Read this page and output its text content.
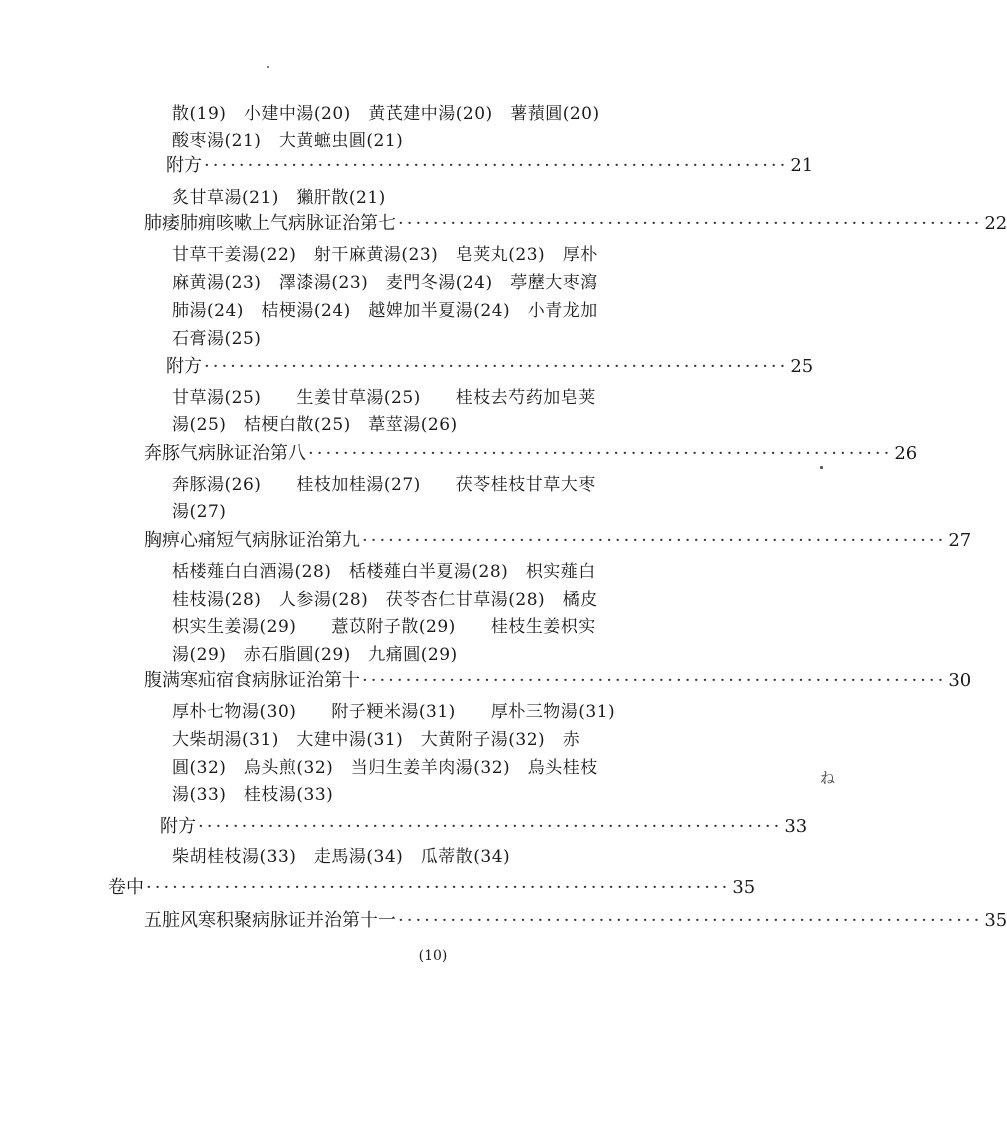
散(19)　小建中湯(20)　黄芪建中湯(20)　薯蕷圓(20)
酸枣湯(21)　大黄蟅虫圓(21)
附方 ··································································· 21
炙甘草湯(21)　獺肝散(21)
肺痿肺痈咳嗽上气病脉证治第七 ··································································· 22
甘草干姜湯(22)　射干麻黄湯(23)　皂荚丸(23)　厚朴
麻黄湯(23)　澤漆湯(23)　麦門冬湯(24)　葶藶大枣瀉
肺湯(24)　桔梗湯(24)　越婢加半夏湯(24)　小青龙加
石膏湯(25)
附方 ··································································· 25
甘草湯(25)　　生姜甘草湯(25)　　桂枝去芍药加皂荚
湯(25)　桔梗白散(25)　葦莖湯(26)
奔豚气病脉证治第八 ··································································· 26
奔豚湯(26)　　桂枝加桂湯(27)　　茯苓桂枝甘草大枣
湯(27)
胸痹心痛短气病脉证治第九 ··································································· 27
栝楼薤白白酒湯(28)　栝楼薤白半夏湯(28)　枳实薤白
桂枝湯(28)　人参湯(28)　茯苓杏仁甘草湯(28)　橘皮
枳实生姜湯(29)　　薏苡附子散(29)　　桂枝生姜枳实
湯(29)　赤石脂圓(29)　九痛圓(29)
腹满寒疝宿食病脉证治第十 ··································································· 30
厚朴七物湯(30)　　附子粳米湯(31)　　厚朴三物湯(31)
大柴胡湯(31)　大建中湯(31)　大黄附子湯(32)　赤
圓(32)　烏头煎(32)　当归生姜羊肉湯(32)　烏头桂枝
湯(33)　桂枝湯(33)
附方 ··································································· 33
柴胡桂枝湯(33)　走馬湯(34)　瓜蒂散(34)
卷中 ··································································· 35
五脏风寒积聚病脉证并治第十一 ··································································· 35
(10)
ね
